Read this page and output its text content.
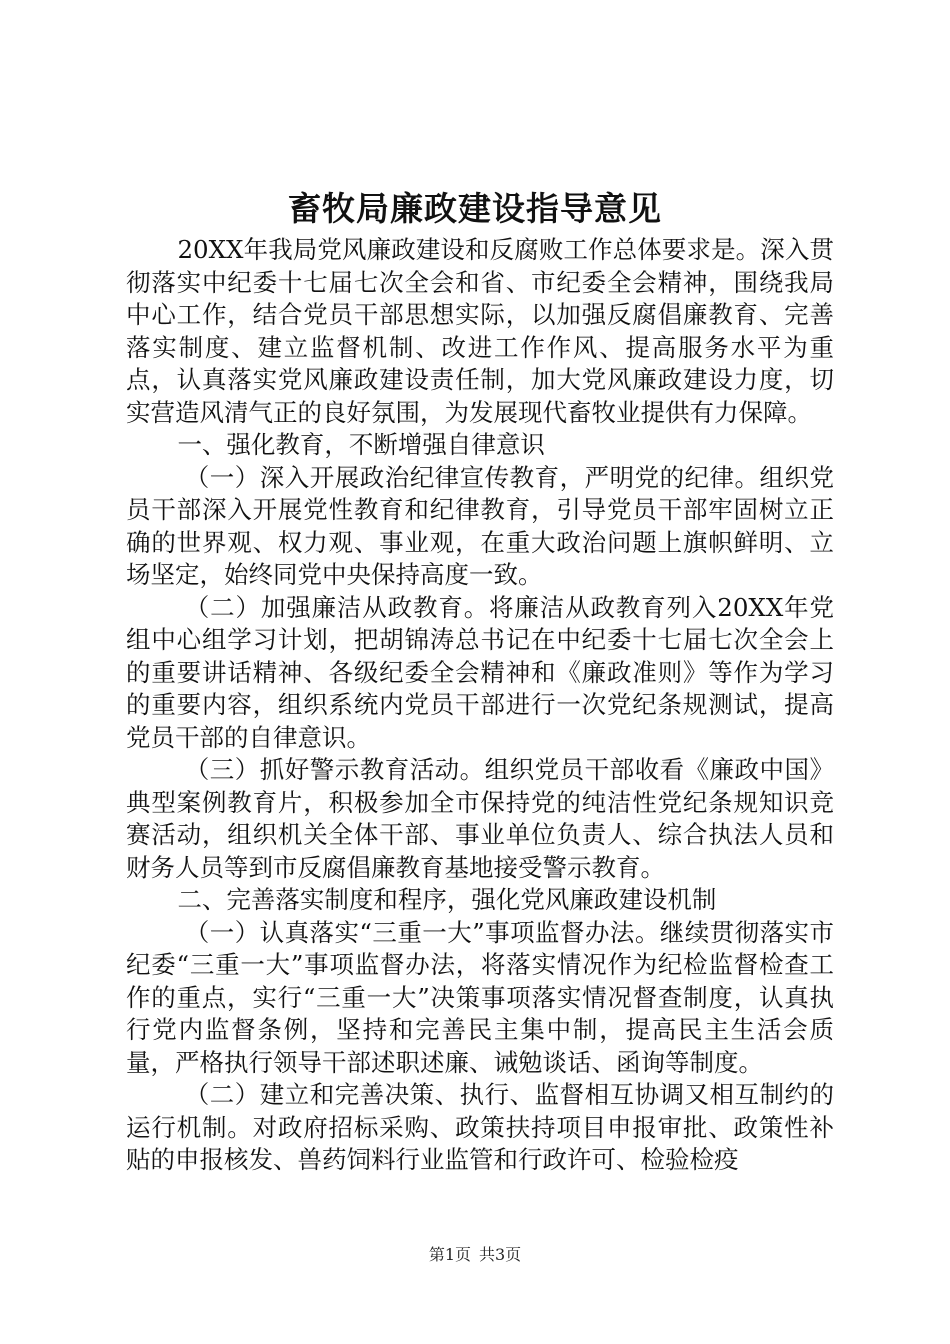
畜牧局廉政建设指导意见

20XX年我局党风廉政建设和反腐败工作总体要求是。深入贯彻落实中纪委十七届七次全会和省、市纪委全会精神，围绕我局中心工作，结合党员干部思想实际，以加强反腐倡廉教育、完善落实制度、建立监督机制、改进工作作风、提高服务水平为重点，认真落实党风廉政建设责任制，加大党风廉政建设力度，切实营造风清气正的良好氛围，为发展现代畜牧业提供有力保障。

一、强化教育，不断增强自律意识

（一）深入开展政治纪律宣传教育，严明党的纪律。组织党员干部深入开展党性教育和纪律教育，引导党员干部牢固树立正确的世界观、权力观、事业观，在重大政治问题上旗帜鲜明、立场坚定，始终同党中央保持高度一致。

（二）加强廉洁从政教育。将廉洁从政教育列入20XX年党组中心组学习计划，把胡锦涛总书记在中纪委十七届七次全会上的重要讲话精神、各级纪委全会精神和《廉政准则》等作为学习的重要内容，组织系统内党员干部进行一次党纪条规测试，提高党员干部的自律意识。

（三）抓好警示教育活动。组织党员干部收看《廉政中国》典型案例教育片，积极参加全市保持党的纯洁性党纪条规知识竞赛活动，组织机关全体干部、事业单位负责人、综合执法人员和财务人员等到市反腐倡廉教育基地接受警示教育。

二、完善落实制度和程序，强化党风廉政建设机制

（一）认真落实“三重一大”事项监督办法。继续贯彻落实市纪委“三重一大”事项监督办法，将落实情况作为纪检监督检查工作的重点，实行“三重一大”决策事项落实情况督查制度，认真执行党内监督条例，坚持和完善民主集中制，提高民主生活会质量，严格执行领导干部述职述廉、诫勉谈话、函询等制度。

（二）建立和完善决策、执行、监督相互协调又相互制约的运行机制。对政府招标采购、政策扶持项目申报审批、政策性补贴的申报核发、兽药饲料行业监管和行政许可、检验检疫

第1页 共3页
